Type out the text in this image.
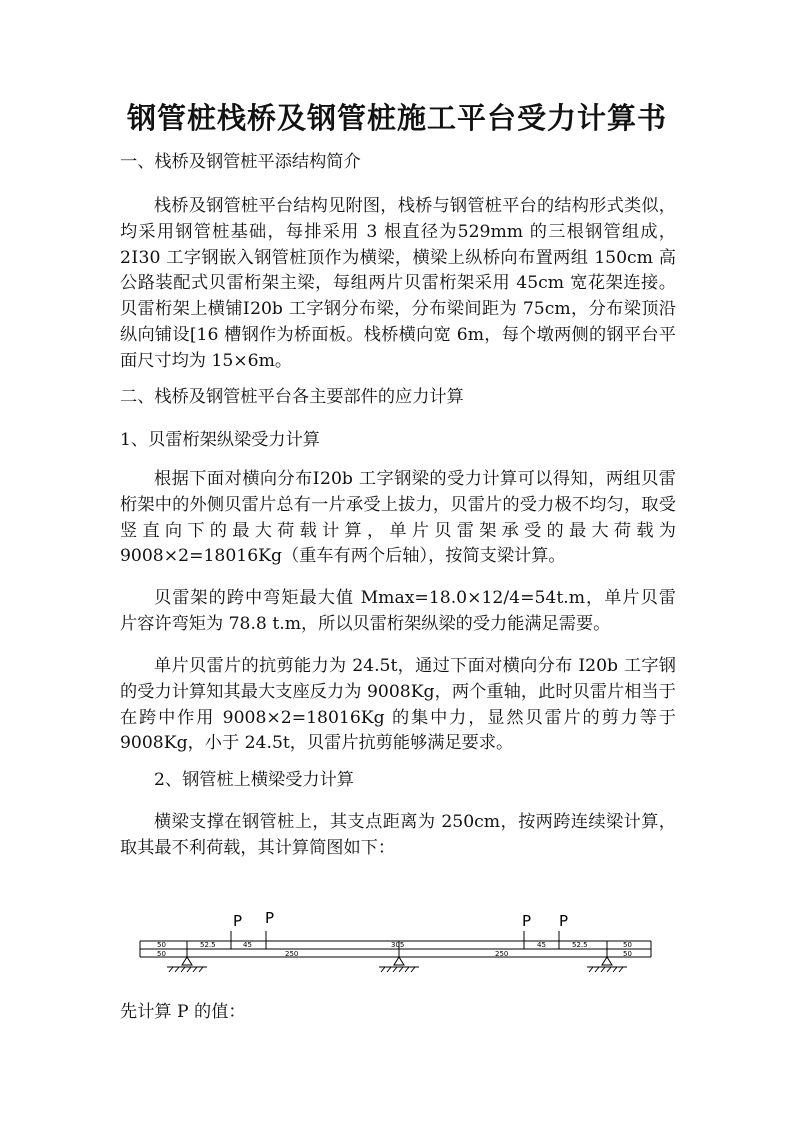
钢管桩栈桥及钢管桩施工平台受力计算书

一、栈桥及钢管桩平添结构简介

栈桥及钢管桩平台结构见附图，栈桥与钢管桩平台的结构形式类似，均采用钢管桩基础，每排采用 3 根直径为529mm 的三根钢管组成，2Ⅰ30 工字钢嵌入钢管桩顶作为横梁，横梁上纵桥向布置两组 150cm 高公路装配式贝雷桁架主梁，每组两片贝雷桁架采用 45cm 宽花架连接。贝雷桁架上横铺Ⅰ20b 工字钢分布梁，分布梁间距为 75cm，分布梁顶沿纵向铺设[16 槽钢作为桥面板。栈桥横向宽 6m，每个墩两侧的钢平台平面尺寸均为 15×6m。

二、栈桥及钢管桩平台各主要部件的应力计算

1、贝雷桁架纵梁受力计算

根据下面对横向分布Ⅰ20b 工字钢梁的受力计算可以得知，两组贝雷桁架中的外侧贝雷片总有一片承受上拔力，贝雷片的受力极不均匀，取受竖直向下的最大荷载计算，单片贝雷架承受的最大荷载为9008×2=18016Kg（重车有两个后轴），按简支梁计算。

贝雷架的跨中弯矩最大值 Mmax=18.0×12/4=54t.m，单片贝雷片容许弯矩为 78.8 t.m，所以贝雷桁架纵梁的受力能满足需要。

单片贝雷片的抗剪能力为 24.5t，通过下面对横向分布 I20b 工字钢的受力计算知其最大支座反力为 9008Kg，两个重轴，此时贝雷片相当于在跨中作用 9008×2=18016Kg 的集中力，显然贝雷片的剪力等于 9008Kg，小于 24.5t，贝雷片抗剪能够满足要求。

2、钢管桩上横梁受力计算

横梁支撑在钢管桩上，其支点距离为 250cm，按两跨连续梁计算，取其最不利荷载，其计算简图如下：

P P	P P
50	52.5	45	305	45	52.5	50
50	250	250	50

先计算 P 的值：
